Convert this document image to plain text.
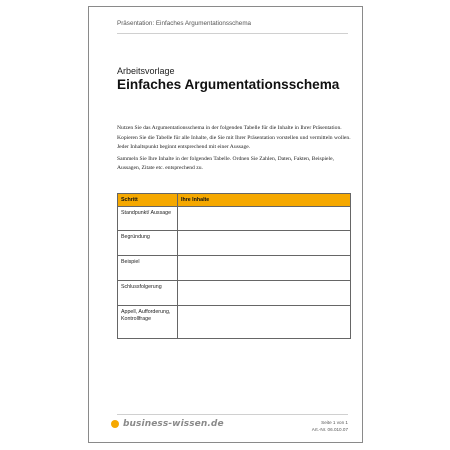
Präsentation: Einfaches Argumentationsschema
Arbeitsvorlage
Einfaches Argumentationsschema

Nutzen Sie das Argumentationsschema in der folgenden Tabelle für die Inhalte in Ihrer Präsentation. Kopieren Sie die Tabelle für alle Inhalte, die Sie mit Ihrer Präsentation vorstellen und vermitteln wollen. Jeder Inhaltspunkt beginnt entsprechend mit einer Aussage.

Sammeln Sie Ihre Inhalte in der folgenden Tabelle. Ordnen Sie Zahlen, Daten, Fakten, Beispiele, Aussagen, Zitate etc. entsprechend zu.

Schritt	Ihre Inhalte
Standpunkt/ Aussage	
Begründung	
Beispiel	
Schlussfolgerung	
Appell, Aufforderung, Kontrollfrage	
business-wissen.de	Seite 1 von 1
Art.-Nr. 06.010.07
